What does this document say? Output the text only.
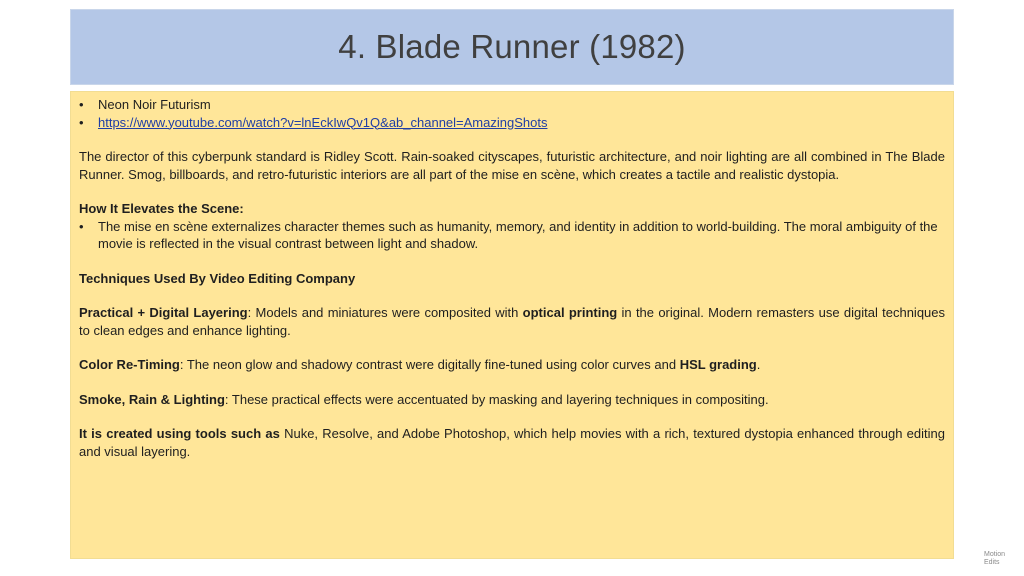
4. Blade Runner (1982)
• Neon Noir Futurism
• https://www.youtube.com/watch?v=lnEckIwQv1Q&ab_channel=AmazingShots

The director of this cyberpunk standard is Ridley Scott. Rain-soaked cityscapes, futuristic architecture, and noir lighting are all combined in The Blade Runner. Smog, billboards, and retro-futuristic interiors are all part of the mise en scène, which creates a tactile and realistic dystopia.

How It Elevates the Scene:

• The mise en scène externalizes character themes such as humanity, memory, and identity in addition to world-building. The moral ambiguity of the movie is reflected in the visual contrast between light and shadow.

Techniques Used By Video Editing Company

Practical + Digital Layering: Models and miniatures were composited with optical printing in the original. Modern remasters use digital techniques to clean edges and enhance lighting.

Color Re-Timing: The neon glow and shadowy contrast were digitally fine-tuned using color curves and HSL grading.

Smoke, Rain & Lighting: These practical effects were accentuated by masking and layering techniques in compositing.

It is created using tools such as Nuke, Resolve, and Adobe Photoshop, which help movies with a rich, textured dystopia enhanced through editing and visual layering.

Motion
Edits
